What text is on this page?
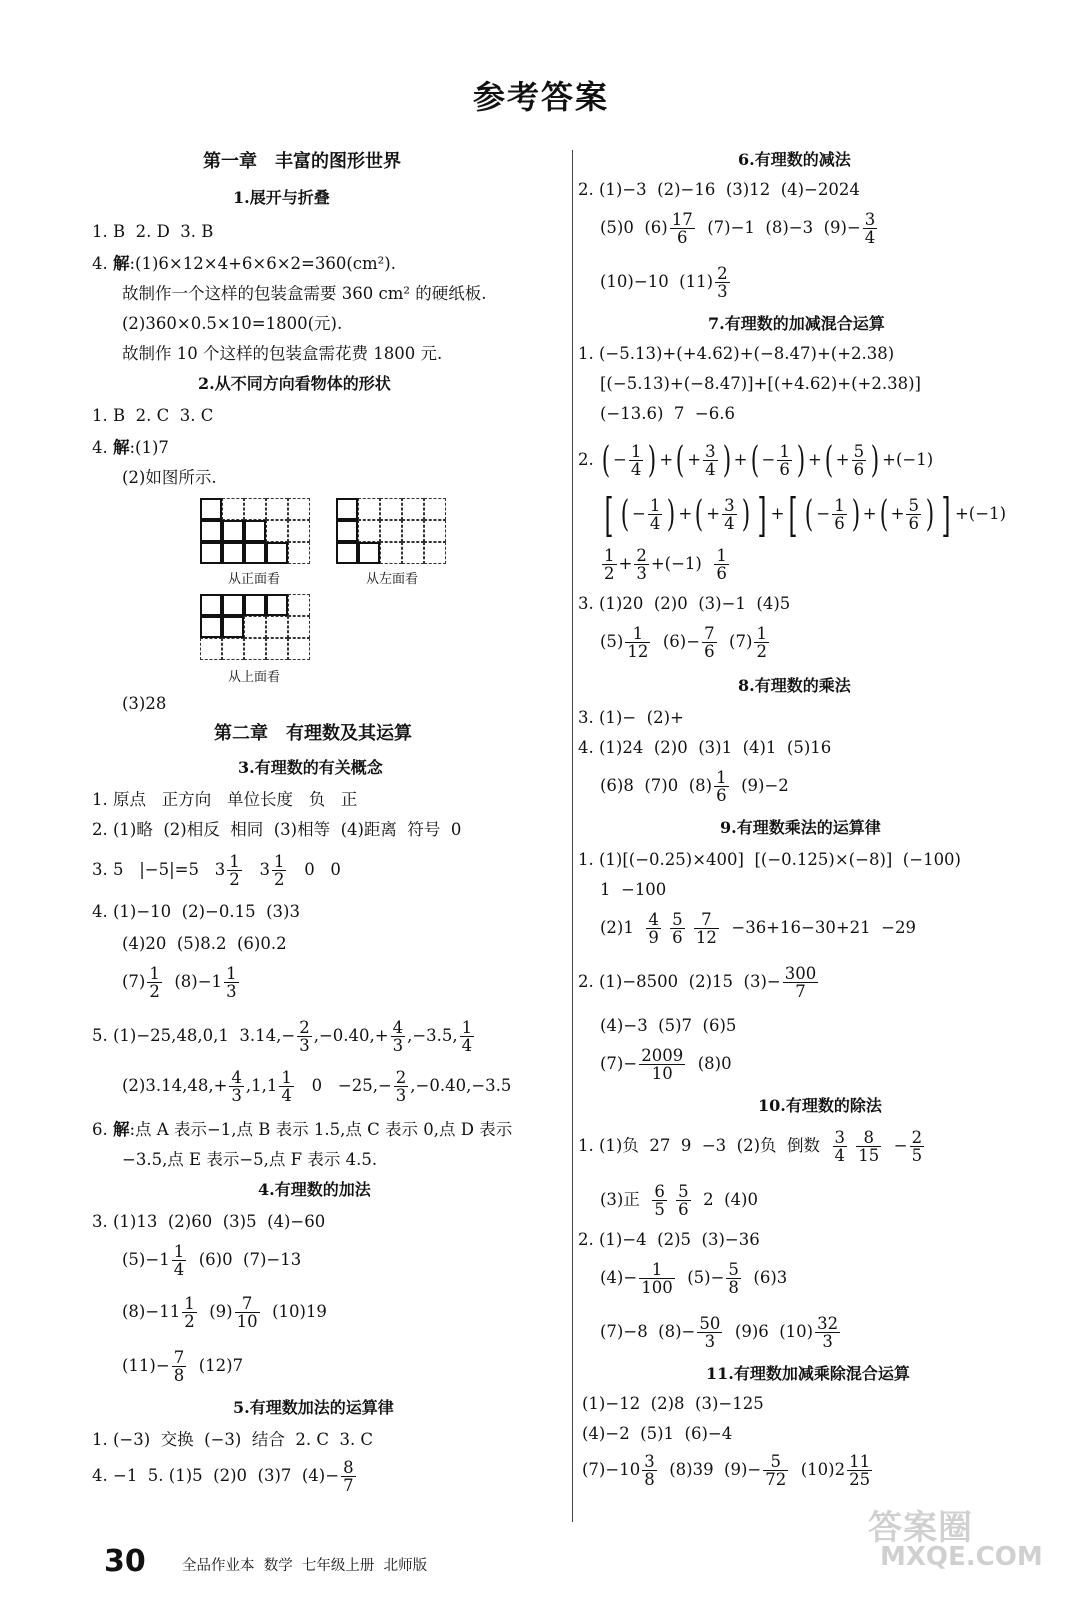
参考答案
第一章　丰富的图形世界
1.展开与折叠
1. B  2. D  3. B
4. 解:(1)6×12×4+6×6×2=360(cm²).
故制作一个这样的包装盒需要 360 cm² 的硬纸板.
(2)360×0.5×10=1800(元).
故制作 10 个这样的包装盒需花费 1800 元.
2.从不同方向看物体的形状
1. B  2. C  3. C
4. 解:(1)7
(2)如图所示.
从正面看	从左面看
从上面看
(3)28
第二章　有理数及其运算
3.有理数的有关概念
1. 原点   正方向   单位长度   负   正
2. (1)略  (2)相反  相同  (3)相等  (4)距离  符号  0
3. 5   |−5|=5   $3 \frac{1}{2} 3 \frac{1}{2} 0$   0
4. (1)−10  (2)−0.15  (3)3
(4)20  (5)8.2  (6)0.2
$(7) \frac{1}{2} (8)-1 \frac{1}{3}$
5. (1)−25,48,0,1  $3.14,- \frac{2}{3} ,-0.40,+ \frac{4}{3} ,-3.5$, $\frac{1}{4}$
$(2)3.14,48,+ \frac{4}{3} ,1,1 \frac{1}{4} 0 -25,- \frac{2}{3} ,-0.40,-3.5$
6. 解:点 A 表示−1,点 B 表示 1.5,点 C 表示 0,点 D 表示
−3.5,点 E 表示−5,点 F 表示 4.5.
4.有理数的加法
3. (1)13  (2)60  (3)5  (4)−60
$(5)-1 \frac{1}{4} (6)0$  (7)−13
$(8)-11 \frac{1}{2} (9) \frac{7}{10} (10)19$
$(11)- \frac{7}{8} (12)7$
5.有理数加法的运算律
1. (−3)  交换  (−3)  结合  2. C  3. C
4. −1  5. (1)5  (2)0  (3)7  $(4)- \frac{8}{7}$
6.有理数的减法
2. (1)−3  (2)−16  (3)12  (4)−2024
(5)0  $(6) \frac{17}{6} (7)-1$  (8)−3  $(9)- \frac{3}{4}$
(10)−10  $(11) \frac{2}{3}$
7.有理数的加减混合运算
1. (−5.13)+(+4.62)+(−8.47)+(+2.38)
[(−5.13)+(−8.47)]+[(+4.62)+(+2.38)]
(−13.6)  7  −6.6
2. ( − $\frac{1}{4}$ ) +( + $\frac{3}{4}$ ) +( − $\frac{1}{6}$ ) +( + $\frac{5}{6}$ ) +(−1)
[ ( − $\frac{1}{4}$ ) +( + $\frac{3}{4}$ ) ] +[ ( − $\frac{1}{6}$ ) +( + $\frac{5}{6}$ ) ] +(−1)
$\frac{1}{2} + \frac{2}{3} +(-1) \frac{1}{6}$
3. (1)20  (2)0  (3)−1  (4)5
$(5) \frac{1}{12} (6)- \frac{7}{6} (7) \frac{1}{2}$
8.有理数的乘法
3. (1)−  (2)+
4. (1)24  (2)0  (3)1  (4)1  (5)16
(6)8  (7)0  $(8) \frac{1}{6} (9)-2$
9.有理数乘法的运算律
1. (1)[(−0.25)×400]  [(−0.125)×(−8)]  (−100)
1  −100
$(2)1 \frac{4}{9}$
$\frac{5}{6}$
$\frac{7}{12} -36+16-30+21 -29$
2. (1)−8500  (2)15  $(3)- \frac{300}{7}$
(4)−3  (5)7  (6)5
$(7)- \frac{2009}{10} (8)0$
10.有理数的除法
1. (1)负  27  9  −3  (2)负  倒数 $\frac{3}{4}$
$\frac{8}{15} - \frac{2}{5}$
(3)正 $\frac{6}{5}$
$\frac{5}{6} 2$  (4)0
2. (1)−4  (2)5  (3)−36
$(4)- \frac{1}{100} (5)- \frac{5}{8} (6)3$
(7)−8  $(8)- \frac{50}{3} (9)6$  $(10) \frac{32}{3}$
11.有理数加减乘除混合运算
(1)−12  (2)8  (3)−125
(4)−2  (5)1  (6)−4
$(7)-10 \frac{3}{8} (8)39$  $(9)- \frac{5}{72} (10)2 \frac{11}{25}$
30	全品作业本  数学  七年级上册  北师版
答案圈
MXQE.COM
